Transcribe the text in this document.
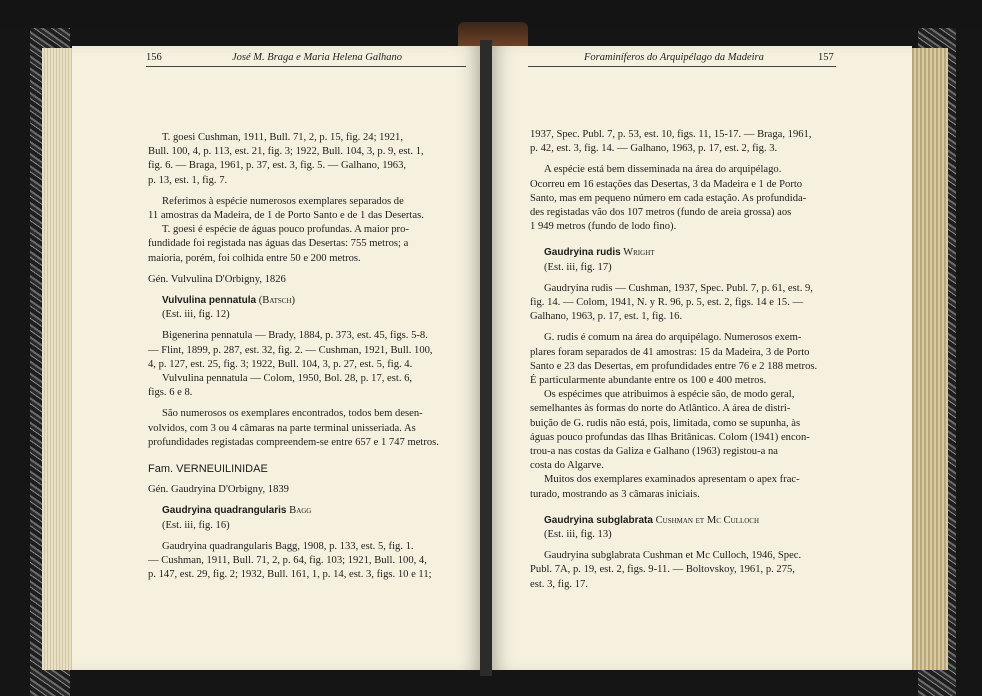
156	José M. Braga e Maria Helena Galhano	Foraminíferos do Arquipélago da Madeira	157

T. goesi Cushman, 1911, Bull. 71, 2, p. 15, fig. 24; 1921,

Bull. 100, 4, p. 113, est. 21, fig. 3; 1922, Bull. 104, 3, p. 9, est. 1,

fig. 6. — Braga, 1961, p. 37, est. 3, fig. 5. — Galhano, 1963,

p. 13, est. 1, fig. 7.

Referimos à espécie numerosos exemplares separados de

11 amostras da Madeira, de 1 de Porto Santo e de 1 das Desertas.

T. goesi é espécie de águas pouco profundas. A maior pro-

fundidade foi registada nas águas das Desertas: 755 metros; a

maioria, porém, foi colhida entre 50 e 200 metros.

Gén. Vulvulina D'Orbigny, 1826

Vulvulina pennatula (Batsch)

(Est. iii, fig. 12)

Bigenerina pennatula — Brady, 1884, p. 373, est. 45, figs. 5-8.

— Flint, 1899, p. 287, est. 32, fig. 2. — Cushman, 1921, Bull. 100,

4, p. 127, est. 25, fig. 3; 1922, Bull. 104, 3, p. 27, est. 5, fig. 4.

Vulvulina pennatula — Colom, 1950, Bol. 28, p. 17, est. 6,

figs. 6 e 8.

São numerosos os exemplares encontrados, todos bem desen-

volvidos, com 3 ou 4 câmaras na parte terminal unisseriada. As

profundidades registadas compreendem-se entre 657 e 1 747 metros.

Fam. VERNEUILINIDAE

Gén. Gaudryina D'Orbigny, 1839

Gaudryina quadrangularis Bagg

(Est. iii, fig. 16)

Gaudryina quadrangularis Bagg, 1908, p. 133, est. 5, fig. 1.

— Cushman, 1911, Bull. 71, 2, p. 64, fig. 103; 1921, Bull. 100, 4,

p. 147, est. 29, fig. 2; 1932, Bull. 161, 1, p. 14, est. 3, figs. 10 e 11;

1937, Spec. Publ. 7, p. 53, est. 10, figs. 11, 15-17. — Braga, 1961,

p. 42, est. 3, fig. 14. — Galhano, 1963, p. 17, est. 2, fig. 3.

A espécie está bem disseminada na área do arquipélago.

Ocorreu em 16 estações das Desertas, 3 da Madeira e 1 de Porto

Santo, mas em pequeno número em cada estação. As profundida-

des registadas vão dos 107 metros (fundo de areia grossa) aos

1 949 metros (fundo de lodo fino).

Gaudryina rudis Wright

(Est. iii, fig. 17)

Gaudryina rudis — Cushman, 1937, Spec. Publ. 7, p. 61, est. 9,

fig. 14. — Colom, 1941, N. y R. 96, p. 5, est. 2, figs. 14 e 15. —

Galhano, 1963, p. 17, est. 1, fig. 16.

G. rudis é comum na área do arquipélago. Numerosos exem-

plares foram separados de 41 amostras: 15 da Madeira, 3 de Porto

Santo e 23 das Desertas, em profundidades entre 76 e 2 188 metros.

É particularmente abundante entre os 100 e 400 metros.

Os espécimes que atribuimos à espécie são, de modo geral,

semelhantes às formas do norte do Atlântico. A área de distri-

buição de G. rudis não está, pois, limitada, como se supunha, às

águas pouco profundas das Ilhas Britânicas. Colom (1941) encon-

trou-a nas costas da Galiza e Galhano (1963) registou-a na

costa do Algarve.

Muitos dos exemplares examinados apresentam o apex frac-

turado, mostrando as 3 câmaras iniciais.

Gaudryina subglabrata Cushman et Mc Culloch

(Est. iii, fig. 13)

Gaudryina subglabrata Cushman et Mc Culloch, 1946, Spec.

Publ. 7A, p. 19, est. 2, figs. 9-11. — Boltovskoy, 1961, p. 275,

est. 3, fig. 17.
